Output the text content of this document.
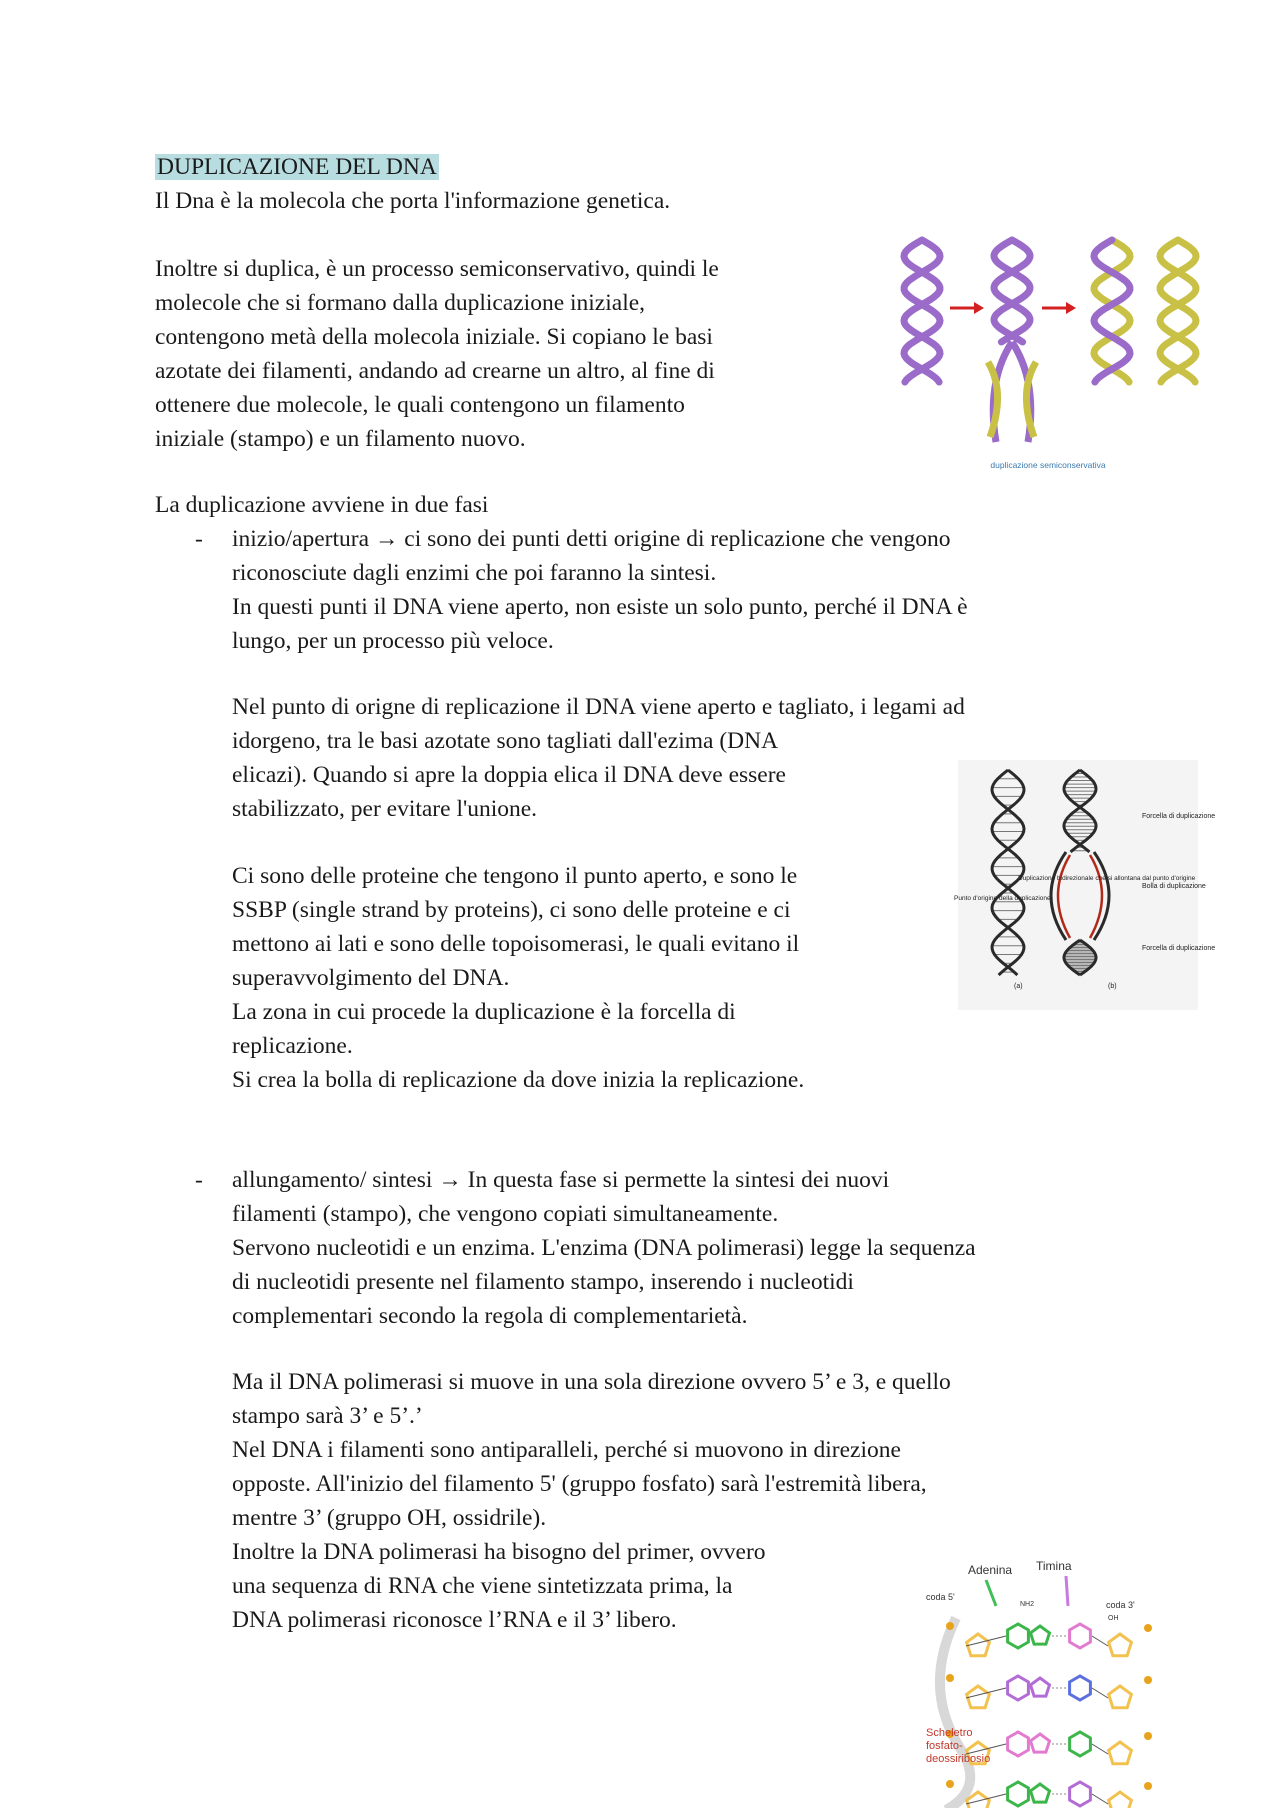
DUPLICAZIONE DEL DNA
Il Dna è la molecola che porta l'informazione genetica.
Inoltre si duplica, è un processo semiconservativo, quindi le
molecole che si formano dalla duplicazione iniziale,
contengono metà della molecola iniziale. Si copiano le basi
azotate dei filamenti, andando ad crearne un altro, al fine di
ottenere due molecole, le quali contengono un filamento
iniziale (stampo) e un filamento nuovo.
La duplicazione avviene in due fasi
- inizio/apertura → ci sono dei punti detti origine di replicazione che vengono
riconosciute dagli enzimi che poi faranno la sintesi.
In questi punti il DNA viene aperto, non esiste un solo punto, perché il DNA è
lungo, per un processo più veloce.
Nel punto di origne di replicazione il DNA viene aperto e tagliato, i legami ad
idorgeno, tra le basi azotate sono tagliati dall'ezima (DNA
elicazi). Quando si apre la doppia elica il DNA deve essere
stabilizzato, per evitare l'unione.
Ci sono delle proteine che tengono il punto aperto, e sono le
SSBP (single strand by proteins), ci sono delle proteine e ci
mettono ai lati e sono delle topoisomerasi, le quali evitano il
superavvolgimento del DNA.
La zona in cui procede la duplicazione è la forcella di
replicazione.
Si crea la bolla di replicazione da dove inizia la replicazione.
- allungamento/ sintesi → In questa fase si permette la sintesi dei nuovi
filamenti (stampo), che vengono copiati simultaneamente.
Servono nucleotidi e un enzima. L'enzima (DNA polimerasi) legge la sequenza
di nucleotidi presente nel filamento stampo, inserendo i nucleotidi
complementari secondo la regola di complementarietà.
Ma il DNA polimerasi si muove in una sola direzione ovvero 5’ e 3, e quello
stampo sarà 3’ e 5’.’
Nel DNA i filamenti sono antiparalleli, perché si muovono in direzione
opposte. All'inizio del filamento 5' (gruppo fosfato) sarà l'estremità libera,
mentre 3’ (gruppo OH, ossidrile).
Inoltre la DNA polimerasi ha bisogno del primer, ovvero
una sequenza di RNA che viene sintetizzata prima, la
DNA polimerasi riconosce l’RNA e il 3’ libero.
duplicazione semiconservativa
Forcella di duplicazione
Bolla di duplicazione
Forcella di duplicazione
Punto d'origine della duplicazione
Duplicazione bidirezionale che si allontana dal punto d'origine
(a)	(b)
Adenina Timina
coda 5'
coda 3'
OH
NH2
Scheletro fosfato-deossiribosio
